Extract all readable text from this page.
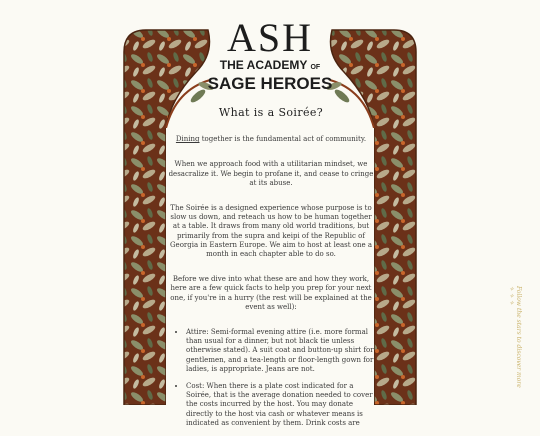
ASH
THE ACADEMY OF
SAGE HEROES
What is a Soirée?

Dining together is the fundamental act of community.

When we approach food with a utilitarian mindset, we desacralize it. We begin to profane it, and cease to cringe at its abuse.

The Soirée is a designed experience whose purpose is to slow us down, and reteach us how to be human together at a table. It draws from many old world traditions, but primarily from the supra and keipi of the Republic of Georgia in Eastern Europe. We aim to host at least one a month in each chapter able to do so.

Before we dive into what these are and how they work, here are a few quick facts to help you prep for your next one, if you're in a hurry (the rest will be explained at the event as well):

• Attire: Semi-formal evening attire (i.e. more formal than usual for a dinner, but not black tie unless otherwise stated). A suit coat and button-up shirt for gentlemen, and a tea-length or floor-length gown for ladies, is appropriate. Jeans are not.
• Cost: When there is a plate cost indicated for a Soirée, that is the average donation needed to cover the costs incurred by the host. You may donate directly to the host via cash or whatever means is indicated as convenient by them. Drink costs are
Follow the stars to discover more ✧✧✧
